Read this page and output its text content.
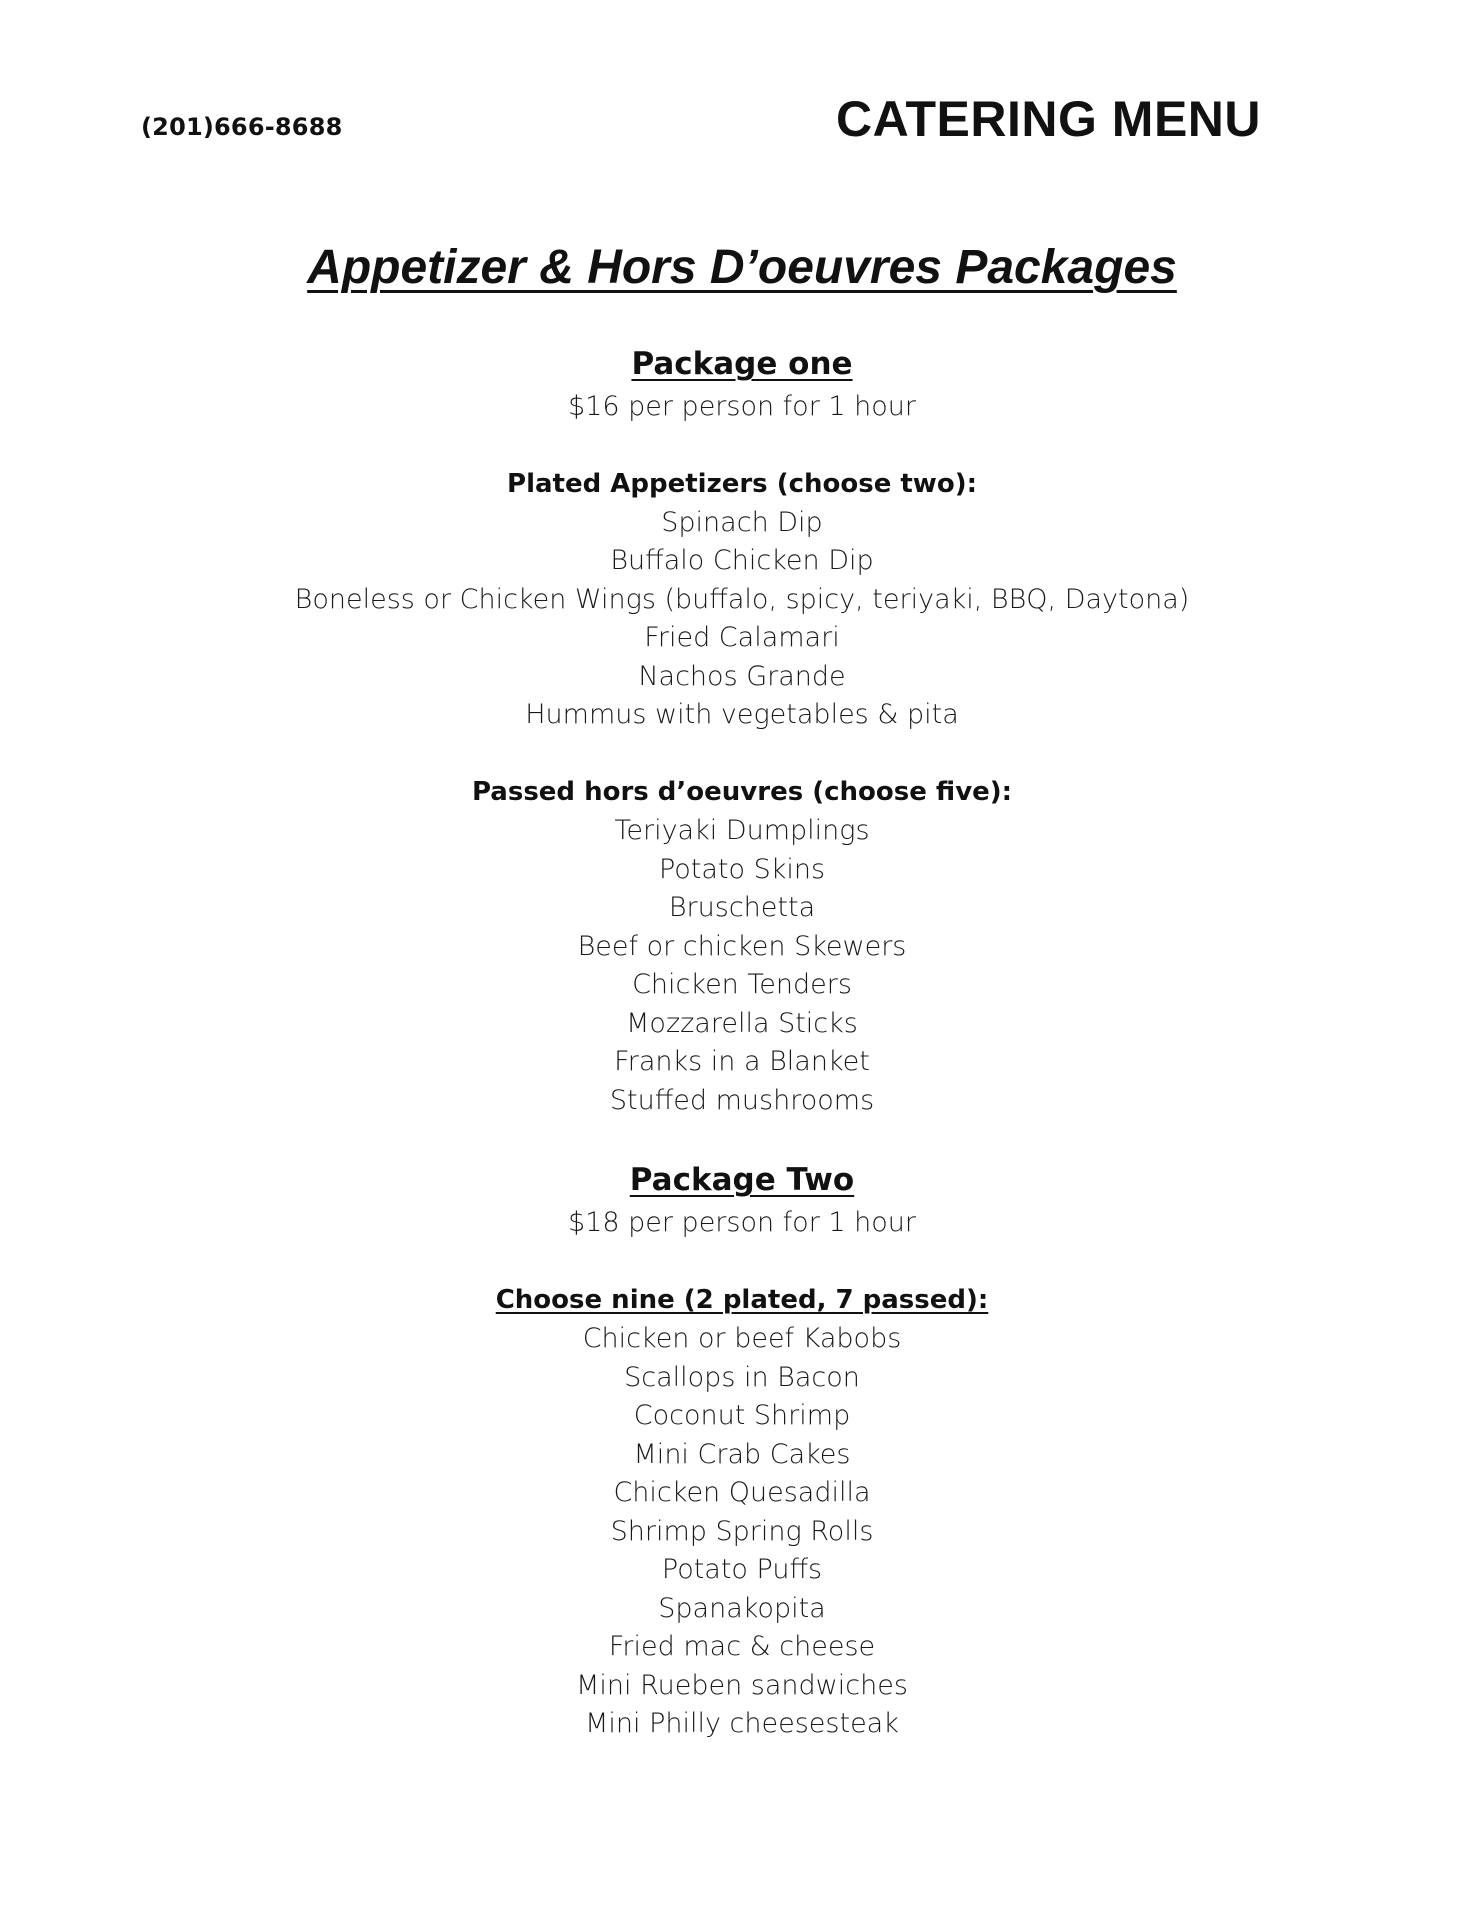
(201)666-8688	CATERING MENU
Appetizer & Hors D’oeuvres Packages
Package one
$16 per person for 1 hour
Plated Appetizers (choose two):
Spinach Dip
Buffalo Chicken Dip
Boneless or Chicken Wings (buffalo, spicy, teriyaki, BBQ, Daytona)
Fried Calamari
Nachos Grande
Hummus with vegetables & pita
Passed hors d’oeuvres (choose five):
Teriyaki Dumplings
Potato Skins
Bruschetta
Beef or chicken Skewers
Chicken Tenders
Mozzarella Sticks
Franks in a Blanket
Stuffed mushrooms
Package Two
$18 per person for 1 hour
Choose nine (2 plated, 7 passed):
Chicken or beef Kabobs
Scallops in Bacon
Coconut Shrimp
Mini Crab Cakes
Chicken Quesadilla
Shrimp Spring Rolls
Potato Puffs
Spanakopita
Fried mac & cheese
Mini Rueben sandwiches
Mini Philly cheesesteak
